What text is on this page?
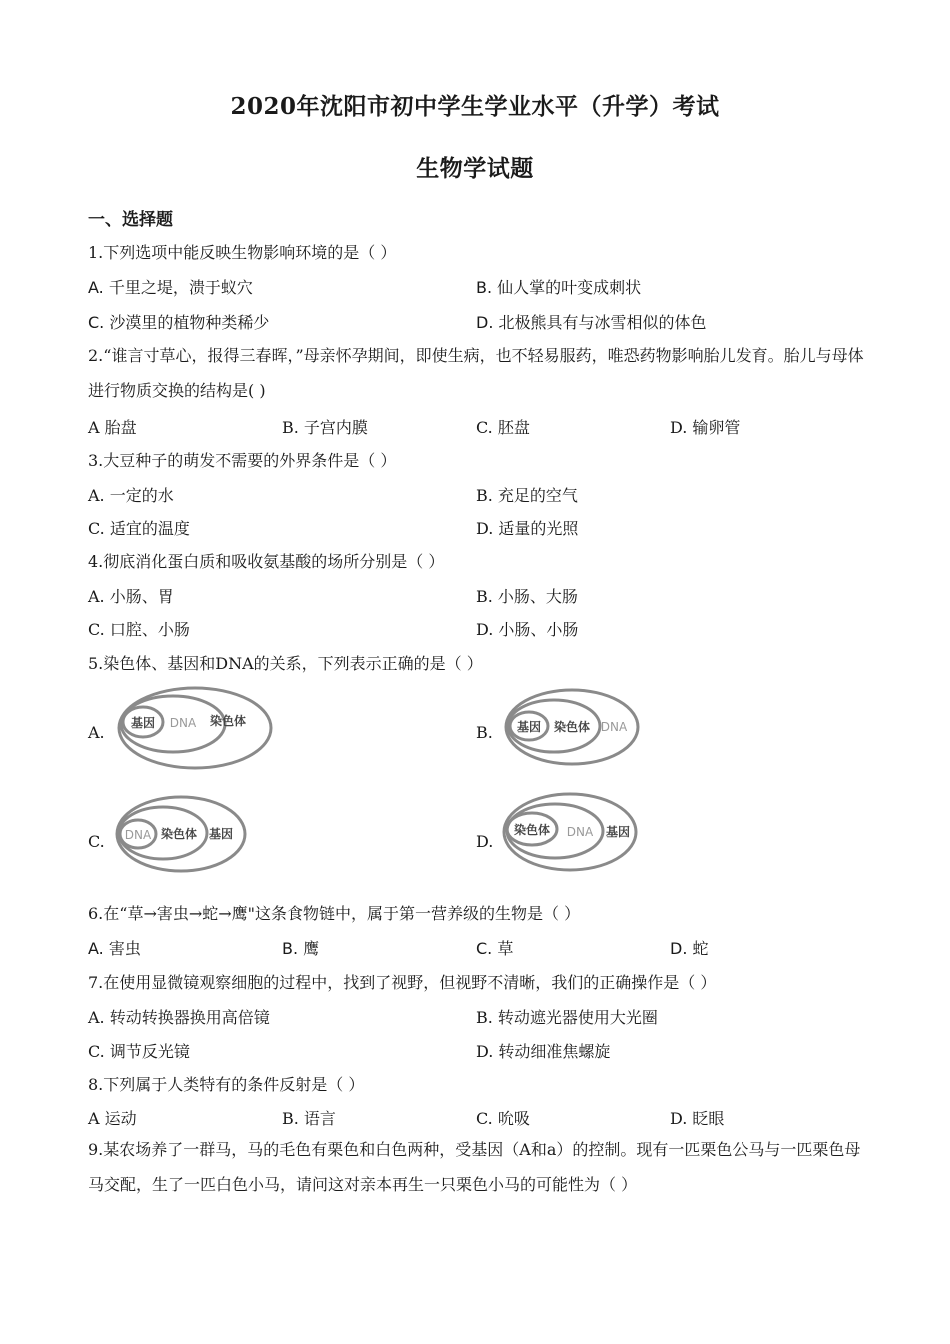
2020年沈阳市初中学生学业水平（升学）考试
生物学试题
一、选择题
1.下列选项中能反映生物影响环境的是（ ）
A. 千里之堤，溃于蚁穴	B. 仙人掌的叶变成刺状
C. 沙漠里的植物种类稀少	D. 北极熊具有与冰雪相似的体色
2.“谁言寸草心，报得三春晖，”母亲怀孕期间，即使生病，也不轻易服药，唯恐药物影响胎儿发育。胎儿与母体进行物质交换的结构是( )
A 胎盘	B. 子宫内膜	C. 胚盘	D. 输卵管
3.大豆种子的萌发不需要的外界条件是（ ）
A. 一定的水	B. 充足的空气
C. 适宜的温度	D. 适量的光照
4.彻底消化蛋白质和吸收氨基酸的场所分别是（ ）
A. 小肠、胃	B. 小肠、大肠
C. 口腔、小肠	D. 小肠、小肠
5.染色体、基因和DNA的关系，下列表示正确的是（ ）
A. 基因 DNA 染色体
B. 基因 染色体 DNA
C. DNA 染色体 基因	D.
染色体 DNA 基因
6.在“草→害虫→蛇→鹰"这条食物链中，属于第一营养级的生物是（ ）
A. 害虫	B. 鹰	C. 草	D. 蛇
7.在使用显微镜观察细胞的过程中，找到了视野，但视野不清晰，我们的正确操作是（ ）
A. 转动转换器换用高倍镜	B. 转动遮光器使用大光圈
C. 调节反光镜	D. 转动细准焦螺旋
8.下列属于人类特有的条件反射是（ ）
A 运动	B. 语言	C. 吮吸	D. 眨眼
9.某农场养了一群马，马的毛色有栗色和白色两种，受基因（A和a）的控制。现有一匹栗色公马与一匹栗色母马交配，生了一匹白色小马，请问这对亲本再生一只栗色小马的可能性为（ ）
